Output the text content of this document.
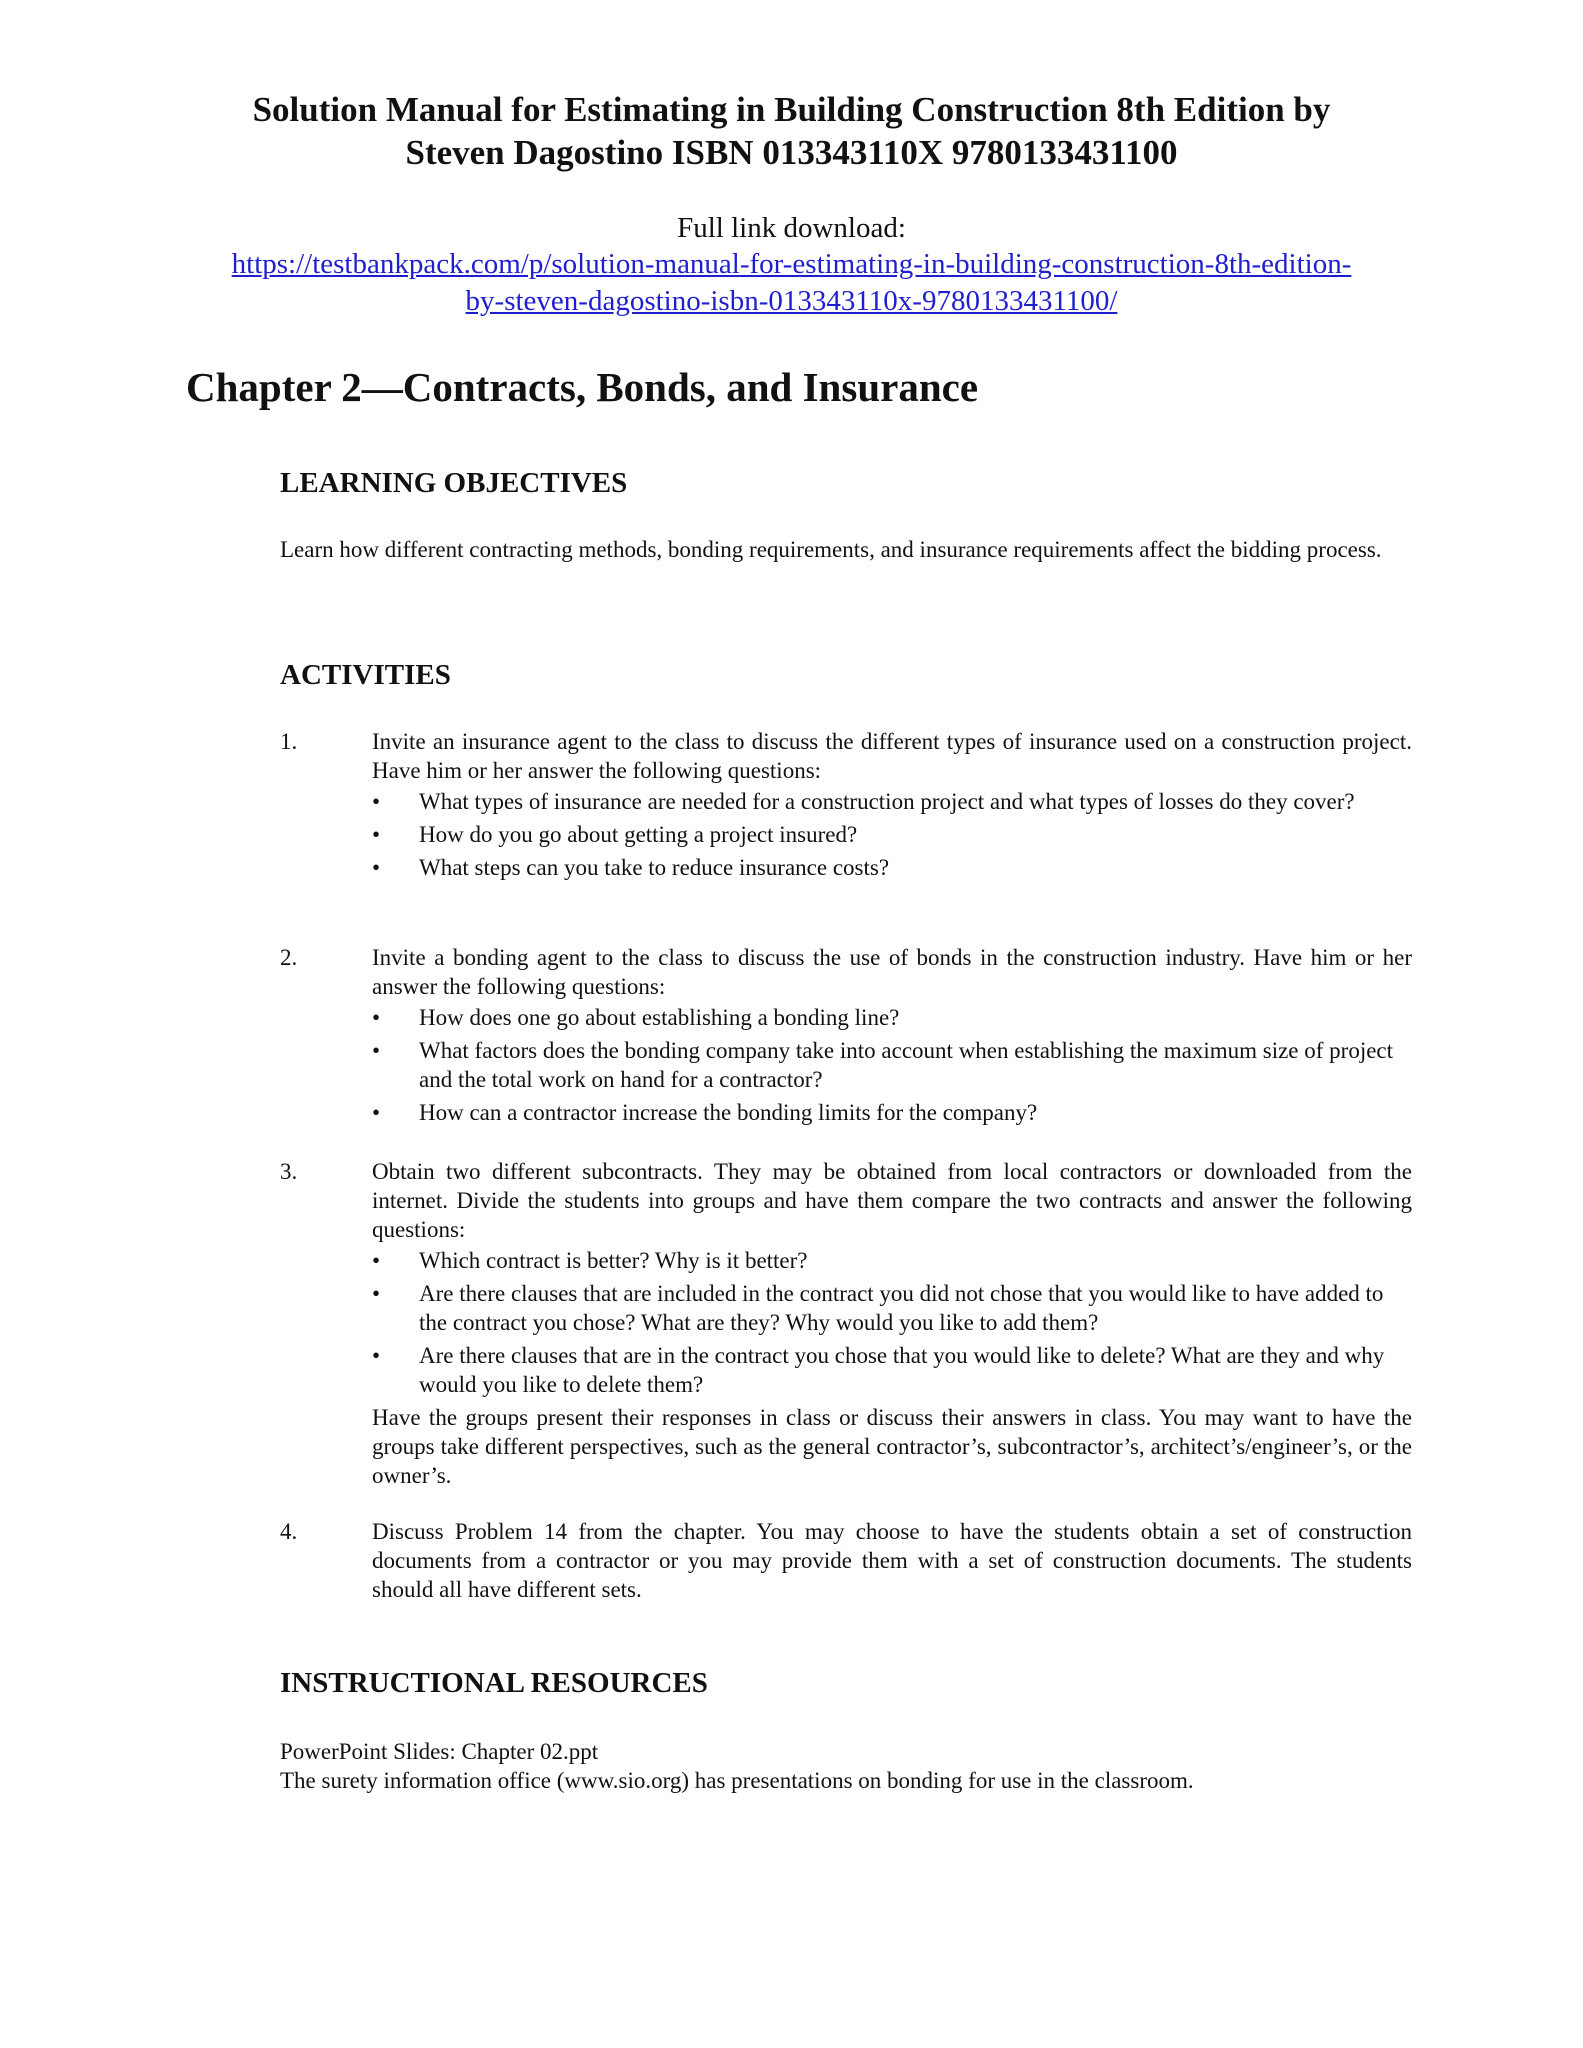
Solution Manual for Estimating in Building Construction 8th Edition by
Steven Dagostino ISBN 013343110X 9780133431100
Full link download:
https://testbankpack.com/p/solution-manual-for-estimating-in-building-construction-8th-edition-
by-steven-dagostino-isbn-013343110x-9780133431100/
Chapter 2—Contracts, Bonds, and Insurance
LEARNING OBJECTIVES

Learn how different contracting methods, bonding requirements, and insurance requirements affect the bidding process.

ACTIVITIES
1.	Invite an insurance agent to the class to discuss the different types of insurance used on a construction project. Have him or her answer the following questions:

• What types of insurance are needed for a construction project and what types of losses do they cover?
• How do you go about getting a project insured?
• What steps can you take to reduce insurance costs?
2.	Invite a bonding agent to the class to discuss the use of bonds in the construction industry. Have him or her answer the following questions:

• How does one go about establishing a bonding line?
• What factors does the bonding company take into account when establishing the maximum size of project and the total work on hand for a contractor?
• How can a contractor increase the bonding limits for the company?
3.	Obtain two different subcontracts. They may be obtained from local contractors or downloaded from the internet. Divide the students into groups and have them compare the two contracts and answer the following questions:

• Which contract is better? Why is it better?
• Are there clauses that are included in the contract you did not chose that you would like to have added to the contract you chose? What are they? Why would you like to add them?
• Are there clauses that are in the contract you chose that you would like to delete? What are they and why would you like to delete them?

Have the groups present their responses in class or discuss their answers in class. You may want to have the groups take different perspectives, such as the general contractor’s, subcontractor’s, architect’s/engineer’s, or the owner’s.

4.	Discuss Problem 14 from the chapter. You may choose to have the students obtain a set of construction documents from a contractor or you may provide them with a set of construction documents. The students should all have different sets.

INSTRUCTIONAL RESOURCES

PowerPoint Slides: Chapter 02.ppt

The surety information office (www.sio.org) has presentations on bonding for use in the classroom.
